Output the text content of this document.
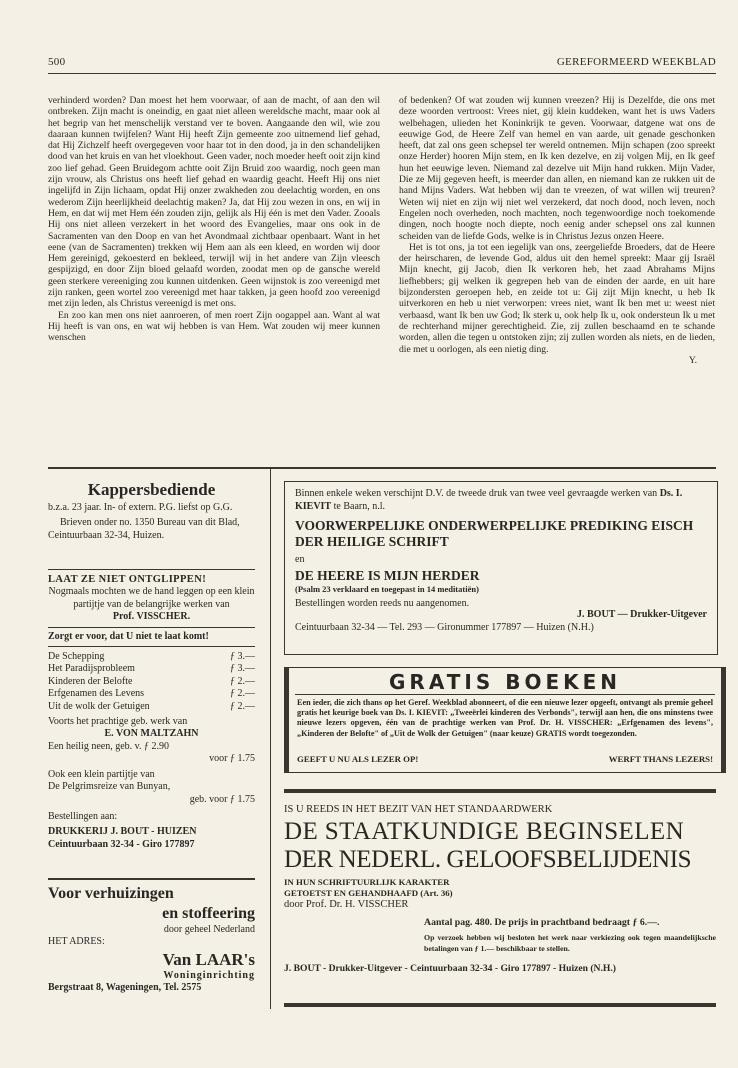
500	GEREFORMEERD WEEKBLAD

verhinderd worden? Dan moest het hem voorwaar, of aan de macht, of aan den wil ontbreken. Zijn macht is oneindig, en gaat niet alleen wereldsche macht, maar ook al het begrip van het menschelijk verstand ver te boven. Aangaande den wil, wie zou daaraan kunnen twijfelen? Want Hij heeft Zijn gemeente zoo uitnemend lief gehad, dat Hij Zichzelf heeft overgegeven voor haar tot in den dood, ja in den schandelijken dood van het kruis en van het vloekhout. Geen vader, noch moeder heeft ooit zijn kind zoo lief gehad. Geen Bruidegom achtte ooit Zijn Bruid zoo waardig, noch geen man zijn vrouw, als Christus ons heeft lief gehad en waardig geacht. Heeft Hij ons niet ingelijfd in Zijn lichaam, opdat Hij onzer zwakheden zou deelachtig worden, en ons wederom Zijn heerlijkheid deelachtig maken? Ja, dat Hij zou wezen in ons, en wij in Hem, en dat wij met Hem één zouden zijn, gelijk als Hij één is met den Vader. Zooals Hij ons niet alleen verzekert in het woord des Evangelies, maar ons ook in de Sacramenten van den Doop en van het Avondmaal zichtbaar openbaart. Want in het eene (van de Sacramenten) trekken wij Hem aan als een kleed, en worden wij door Hem gereinigd, gekoesterd en bekleed, terwijl wij in het andere van Zijn vleesch gespijzigd, en door Zijn bloed gelaafd worden, zoodat men op de gansche wereld geen sterkere vereeniging zou kunnen uitdenken. Geen wijnstok is zoo vereenigd met zijn ranken, geen wortel zoo vereenigd met haar takken, ja geen hoofd zoo vereenigd met zijn leden, als Christus vereenigd is met ons.

En zoo kan men ons niet aanroeren, of men roert Zijn oogappel aan. Want al wat Hij heeft is van ons, en wat wij hebben is van Hem. Wat zouden wij meer kunnen wenschen

of bedenken? Of wat zouden wij kunnen vreezen? Hij is Dezelfde, die ons met deze woorden vertroost: Vrees niet, gij klein kuddeken, want het is uws Vaders welbehagen, ulieden het Koninkrijk te geven. Voorwaar, datgene wat ons de eeuwige God, de Heere Zelf van hemel en van aarde, uit genade geschonken heeft, dat zal ons geen schepsel ter wereld ontnemen. Mijn schapen (zoo spreekt onze Herder) hooren Mijn stem, en Ik ken dezelve, en zij volgen Mij, en Ik geef hun het eeuwige leven. Niemand zal dezelve uit Mijn hand rukken. Mijn Vader, Die ze Mij gegeven heeft, is meerder dan allen, en niemand kan ze rukken uit de hand Mijns Vaders. Wat hebben wij dan te vreezen, of wat willen wij treuren? Weten wij niet en zijn wij niet wel verzekerd, dat noch dood, noch leven, noch Engelen noch overheden, noch machten, noch tegenwoordige noch toekomende dingen, noch hoogte noch diepte, noch eenig ander schepsel ons zal kunnen scheiden van de liefde Gods, welke is in Christus Jezus onzen Heere.

Het is tot ons, ja tot een iegelijk van ons, zeergeliefde Broeders, dat de Heere der heirscharen, de levende God, aldus uit den hemel spreekt: Maar gij Israël Mijn knecht, gij Jacob, dien Ik verkoren heb, het zaad Abrahams Mijns liefhebbers; gij welken ik gegrepen heb van de einden der aarde, en uit hare bijzondersten geroepen heb, en zeide tot u: Gij zijt Mijn knecht, u heb Ik uitverkoren en heb u niet verworpen: vrees niet, want Ik ben met u: weest niet verbaasd, want Ik ben uw God; Ik sterk u, ook help Ik u, ook ondersteun Ik u met de rechterhand mijner gerechtigheid. Zie, zij zullen beschaamd en te schande worden, allen die tegen u ontstoken zijn; zij zullen worden als niets, en de lieden, die met u oorlogen, als een nietig ding.

Y.
Kappersbediende
b.z.a. 23 jaar. In- of extern. P.G. liefst op G.G.
Brieven onder no. 1350 Bureau van dit Blad, Ceintuurbaan 32-34, Huizen.
LAAT ZE NIET ONTGLIPPEN!
Nogmaals mochten we de hand leggen op een klein partijtje van de belangrijke werken van
Prof. VISSCHER.
Zorgt er voor, dat U niet te laat komt!
De Schepping	ƒ 3.—
Het Paradijsprobleem	ƒ 3.—
Kinderen der Belofte	ƒ 2.—
Erfgenamen des Levens	ƒ 2.—
Uit de wolk der Getuigen	ƒ 2.—
Voorts het prachtige geb. werk van
E. VON MALTZAHN
Een heilig neen, geb. v. ƒ 2.90
voor ƒ 1.75
Ook een klein partijtje van
De Pelgrimsreize van Bunyan,
geb. voor ƒ 1.75
Bestellingen aan:
DRUKKERIJ J. BOUT - HUIZEN
Ceintuurbaan 32-34 - Giro 177897
Voor verhuizingen
en stoffeering
door geheel Nederland
HET ADRES:
Van LAAR's
Woninginrichting
Bergstraat 8, Wageningen, Tel. 2575
Binnen enkele weken verschijnt D.V. de tweede druk van twee veel gevraagde werken van Ds. I. KIEVIT te Baarn, n.l.
VOORWERPELIJKE ONDERWERPELIJKE PREDIKING EISCH DER HEILIGE SCHRIFT
en
DE HEERE IS MIJN HERDER
(Psalm 23 verklaard en toegepast in 14 meditatiën)
Bestellingen worden reeds nu aangenomen.
J. BOUT — Drukker-Uitgever
Ceintuurbaan 32-34 — Tel. 293 — Gironummer 177897 — Huizen (N.H.)
GRATIS BOEKEN
Een ieder, die zich thans op het Geref. Weekblad abonneert, of die een nieuwe lezer opgeeft, ontvangt als premie geheel gratis het keurige boek van Ds. I. KIEVIT: „Tweeërlei kinderen des Verbonds", terwijl aan hen, die ons minstens twee nieuwe lezers opgeven, één van de prachtige werken van Prof. Dr. H. VISSCHER: „Erfgenamen des levens", „Kinderen der Belofte" of „Uit de Wolk der Getuigen" (naar keuze) GRATIS wordt toegezonden.
GEEFT U NU ALS LEZER OP!	WERFT THANS LEZERS!
IS U REEDS IN HET BEZIT VAN HET STANDAARDWERK
DE STAATKUNDIGE BEGINSELEN
DER NEDERL. GELOOFSBELIJDENIS
IN HUN SCHRIFTUURLIJK KARAKTER
GETOETST EN GEHANDHAAFD (Art. 36)
door Prof. Dr. H. VISSCHER
Aantal pag. 480. De prijs in prachtband bedraagt ƒ 6.—.
Op verzoek hebben wij besloten het werk naar verkiezing ook tegen maandelijksche betalingen van ƒ 1.— beschikbaar te stellen.
J. BOUT - Drukker-Uitgever - Ceintuurbaan 32-34 - Giro 177897 - Huizen (N.H.)
